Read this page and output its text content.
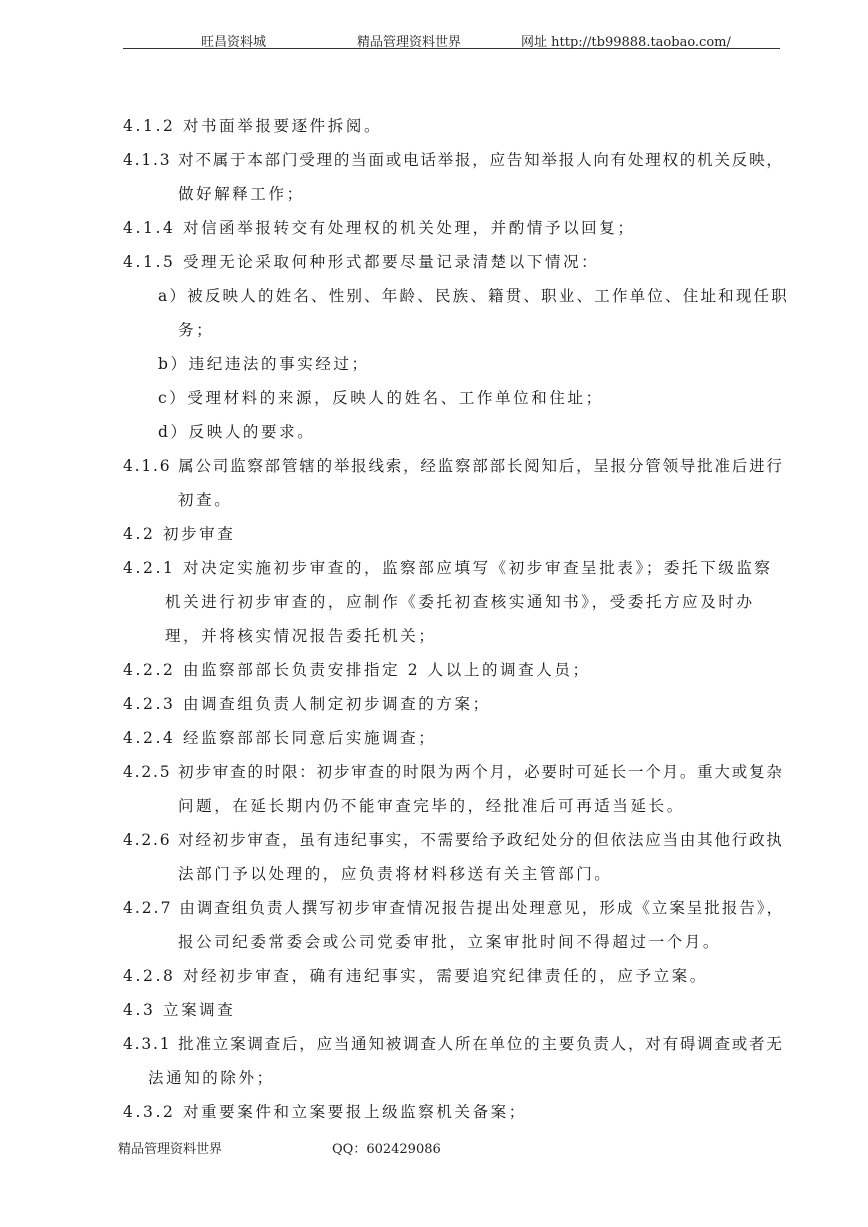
旺昌资料城	精品管理资料世界	网址 http://tb99888.taobao.com/
4.1.2 对书面举报要逐件拆阅。
4.1.3 对不属于本部门受理的当面或电话举报，应告知举报人向有处理权的机关反映，
做好解释工作；
4.1.4 对信函举报转交有处理权的机关处理，并酌情予以回复；
4.1.5 受理无论采取何种形式都要尽量记录清楚以下情况：
a）被反映人的姓名、性别、年龄、民族、籍贯、职业、工作单位、住址和现任职
务；
b）违纪违法的事实经过；
c）受理材料的来源，反映人的姓名、工作单位和住址；
d）反映人的要求。
4.1.6 属公司监察部管辖的举报线索，经监察部部长阅知后，呈报分管领导批准后进行
初查。
4.2 初步审查
4.2.1 对决定实施初步审查的，监察部应填写《初步审查呈批表》；委托下级监察
机关进行初步审查的，应制作《委托初查核实通知书》，受委托方应及时办
理，并将核实情况报告委托机关；
4.2.2 由监察部部长负责安排指定 2 人以上的调查人员；
4.2.3 由调查组负责人制定初步调查的方案；
4.2.4 经监察部部长同意后实施调查；
4.2.5 初步审查的时限：初步审查的时限为两个月，必要时可延长一个月。重大或复杂
问题，在延长期内仍不能审查完毕的，经批准后可再适当延长。
4.2.6 对经初步审查，虽有违纪事实，不需要给予政纪处分的但依法应当由其他行政执
法部门予以处理的，应负责将材料移送有关主管部门。
4.2.7 由调查组负责人撰写初步审查情况报告提出处理意见，形成《立案呈批报告》，
报公司纪委常委会或公司党委审批，立案审批时间不得超过一个月。
4.2.8 对经初步审查，确有违纪事实，需要追究纪律责任的，应予立案。
4.3 立案调查
4.3.1 批准立案调查后，应当通知被调查人所在单位的主要负责人，对有碍调查或者无
法通知的除外；
4.3.2 对重要案件和立案要报上级监察机关备案；
精品管理资料世界	QQ：602429086
